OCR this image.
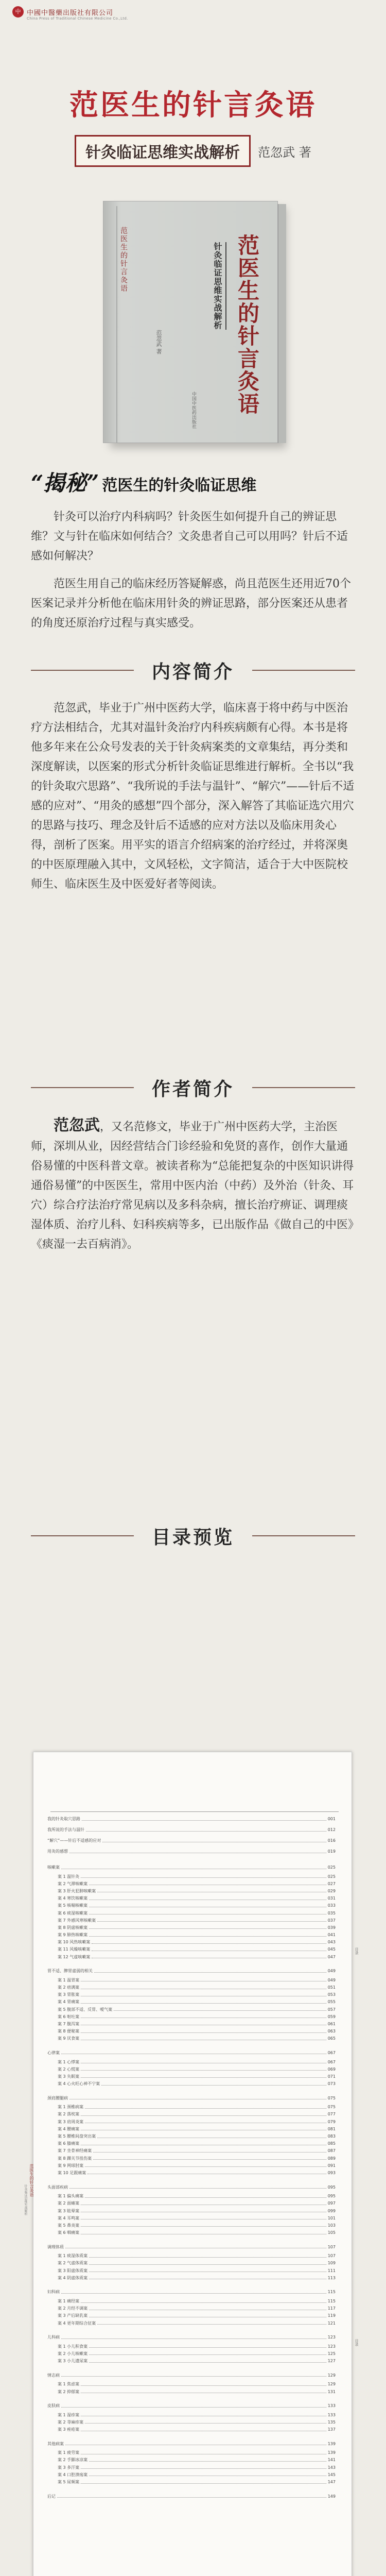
中 中國中醫藥出版社有限公司
China Press of Traditional Chinese Medicine Co.,Ltd.
范医生的针言灸语
针灸临证思维实战解析	范忽武 著
范医生的针言灸语	范医生的针言灸语
针灸临证思维实战解析
范忽武 著
中国中医药出版社
“揭秘” 范医生的针灸临证思维

针灸可以治疗内科病吗？针灸医生如何提升自己的辨证思维？文与针在临床如何结合？文灸患者自己可以用吗？针后不适感如何解决？

范医生用自己的临床经历答疑解惑，尚且范医生还用近70个医案记录并分析他在临床用针灸的辨证思路，部分医案还从患者的角度还原治疗过程与真实感受。

内容简介

范忽武，毕业于广州中医药大学，临床喜于将中药与中医治疗方法相结合，尤其对温针灸治疗内科疾病颇有心得。本书是将他多年来在公众号发表的关于针灸病案类的文章集结，再分类和深度解读，以医案的形式分析针灸临证思维进行解析。全书以“我的针灸取穴思路”、“我所说的手法与温针”、“解穴”——针后不适感的应对”、“用灸的感想”四个部分，深入解答了其临证选穴用穴的思路与技巧、理念及针后不适感的应对方法以及临床用灸心得，剖析了医案。用平实的语言介绍病案的治疗经过，并将深奥的中医原理融入其中，文风轻松，文字简洁，适合于大中医院校师生、临床医生及中医爱好者等阅读。

作者简介

范忽武，又名范修文，毕业于广州中医药大学，主治医师，深圳从业，因经营结合门诊经验和免贤的喜作，创作大量通俗易懂的中医科普文章。被读者称为“总能把复杂的中医知识讲得通俗易懂”的中医医生，常用中医内治（中药）及外治（针灸、耳穴）综合疗法治疗常见病以及多科杂病，擅长治疗痹证、调理痰湿体质、治疗儿科、妇科疾病等多，已出版作品《做自己的中医》《痰湿一去百病消》。

目录预览
我的针灸取穴思路	001
我所说的手法与温针	012
“解穴”——针后不适感的应对	016
用灸的感想	019
咳嗽案	025
案 1 温针灸	025
案 2 气滞咳嗽案	027
案 3 肝火犯肺咳嗽案	029
案 4 寒饮咳嗽案	031
案 5 咳喘咳嗽案	033
案 6 痰湿咳嗽案	035
案 7 外感风寒咳嗽案	037
案 8 阴虚咳嗽案	039
案 9 肺热咳嗽案	041
案 10 风热咳嗽案	043
案 11 风燥咳嗽案	045
案 12 气虚咳嗽案	047
胃不适、脾胃虚弱的相关	049
案 1 温胃案	049
案 2 痞满案	051
案 3 胃胀案	053
案 4 胃痛案	055
案 5 腹部不适、反胃、嗳气案	057
案 6 呕吐案	059
案 7 腹泻案	061
案 8 便秘案	063
案 9 厌食案	065
心律案	067
案 1 心悸案	067
案 2 心慌案	069
案 3 失眠案	071
案 4 心火旺心神不宁案	073
颈肩腰腿病	075
案 1 颈椎病案	075
案 2 落枕案	077
案 3 肩周炎案	079
案 4 腰痛案	081
案 5 腰椎间盘突出案	083
案 6 膝痛案	085
案 7 坐骨神经痛案	087
案 8 踝关节扭伤案	089
案 9 网球肘案	091
案 10 足跟痛案	093
头面部疾病	095
案 1 偏头痛案	095
案 2 面瘫案	097
案 3 眩晕案	099
案 4 耳鸣案	101
案 5 鼻炎案	103
案 6 咽痛案	105
调理体质	107
案 1 痰湿体质案	107
案 2 气虚体质案	109
案 3 阳虚体质案	111
案 4 阴虚体质案	113
妇科病	115
案 1 痛经案	115
案 2 月经不调案	117
案 3 产后缺乳案	119
案 4 更年期综合征案	121
儿科病	123
案 1 小儿积食案	123
案 2 小儿咳嗽案	125
案 3 小儿遗尿案	127
情志病	129
案 1 焦虑案	129
案 2 抑郁案	131
皮肤病	133
案 1 湿疹案	133
案 2 荨麻疹案	135
案 3 痤疮案	137
其他病案	139
案 1 疲劳案	139
案 2 手脚冰凉案	141
案 3 多汗案	143
案 4 口腔溃疡案	145
案 5 尿频案	147
后记	149
范医生的针言灸语
针灸临证思维实战解析
目录
目录
